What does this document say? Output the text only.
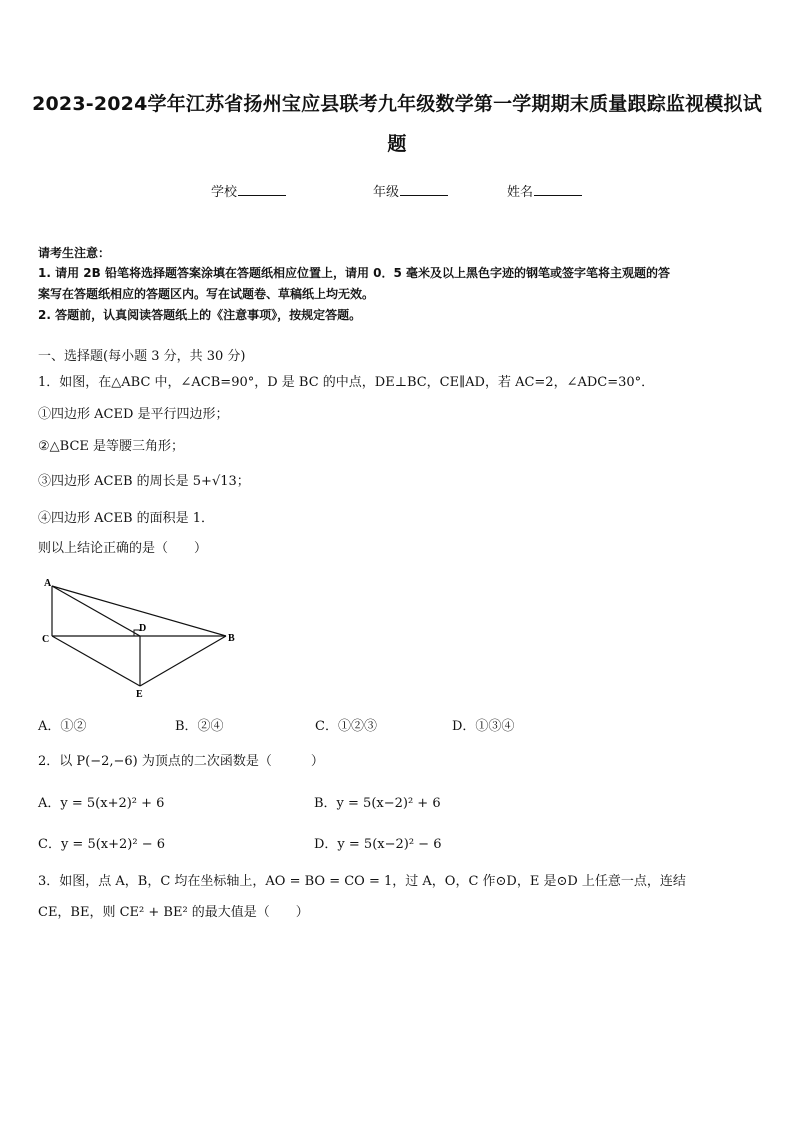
2023-2024学年江苏省扬州宝应县联考九年级数学第一学期期末质量跟踪监视模拟试
题
学校	年级	姓名
请考生注意：
1. 请用 2B 铅笔将选择题答案涂填在答题纸相应位置上，请用 0．5 毫米及以上黑色字迹的钢笔或签字笔将主观题的答
案写在答题纸相应的答题区内。写在试题卷、草稿纸上均无效。
2. 答题前，认真阅读答题纸上的《注意事项》，按规定答题。
一、选择题(每小题 3 分，共 30 分)
1．如图，在△ABC 中，∠ACB=90°，D 是 BC 的中点，DE⊥BC，CE∥AD，若 AC=2，∠ADC=30°．
①四边形 ACED 是平行四边形；
②△BCE 是等腰三角形；
③四边形 ACEB 的周长是 5+√13；
④四边形 ACEB 的面积是 1．
则以上结论正确的是（　　）
A
C
D
B
E
A．①②	B．②④	C．①②③	D．①③④
2．以 P(−2,−6) 为顶点的二次函数是（　　　）
A．y = 5(x+2)² + 6	B．y = 5(x−2)² + 6
C．y = 5(x+2)² − 6	D．y = 5(x−2)² − 6
3．如图，点 A，B，C 均在坐标轴上，AO = BO = CO = 1，过 A，O，C 作⊙D，E 是⊙D 上任意一点，连结
CE，BE，则 CE² + BE² 的最大值是（　　）
